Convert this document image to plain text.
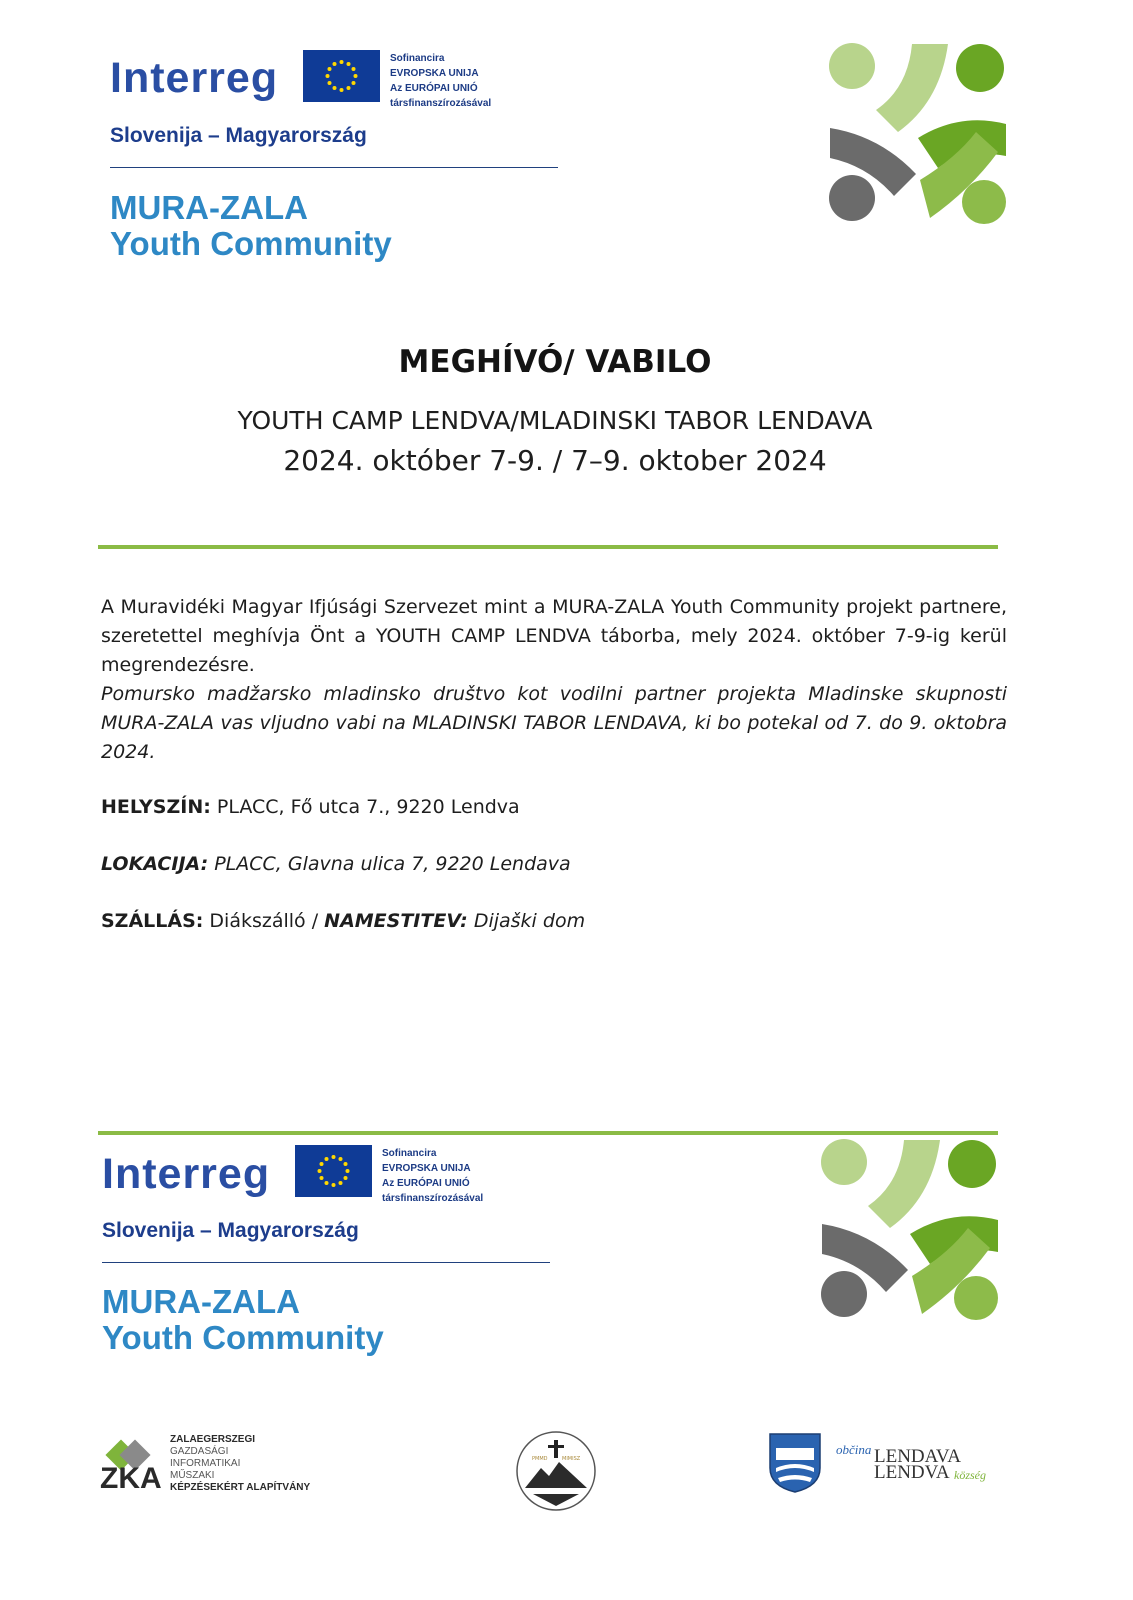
Interreg	Sofinancira
EVROPSKA UNIJA
Az EURÓPAI UNIÓ
társfinanszírozásával
Slovenija – Magyarország
MURA-ZALA
Youth Community
MEGHÍVÓ/ VABILO
YOUTH CAMP LENDVA/MLADINSKI TABOR LENDAVA
2024. október 7-9. / 7–9. oktober 2024

A Muravidéki Magyar Ifjúsági Szervezet mint a MURA-ZALA Youth Community projekt partnere, szeretettel meghívja Önt a YOUTH CAMP LENDVA táborba, mely 2024. október 7-9-ig kerül megrendezésre.

Pomursko madžarsko mladinsko društvo kot vodilni partner projekta Mladinske skupnosti MURA-ZALA vas vljudno vabi na MLADINSKI TABOR LENDAVA, ki bo potekal od 7. do 9. oktobra 2024.

HELYSZÍN: PLACC, Fő utca 7., 9220 Lendva
LOKACIJA: PLACC, Glavna ulica 7, 9220 Lendava
SZÁLLÁS: Diákszálló / NAMESTITEV: Dijaški dom
Interreg	Sofinancira
EVROPSKA UNIJA
Az EURÓPAI UNIÓ
társfinanszírozásával
Slovenija – Magyarország
MURA-ZALA
Youth Community
ZKA
ZALAEGERSZEGI
GAZDASÁGI
INFORMATIKAI
MŰSZAKI
KÉPZÉSEKÉRT ALAPÍTVÁNY
PMMD	MIMISZ
občina LENDAVA
LENDVA község
